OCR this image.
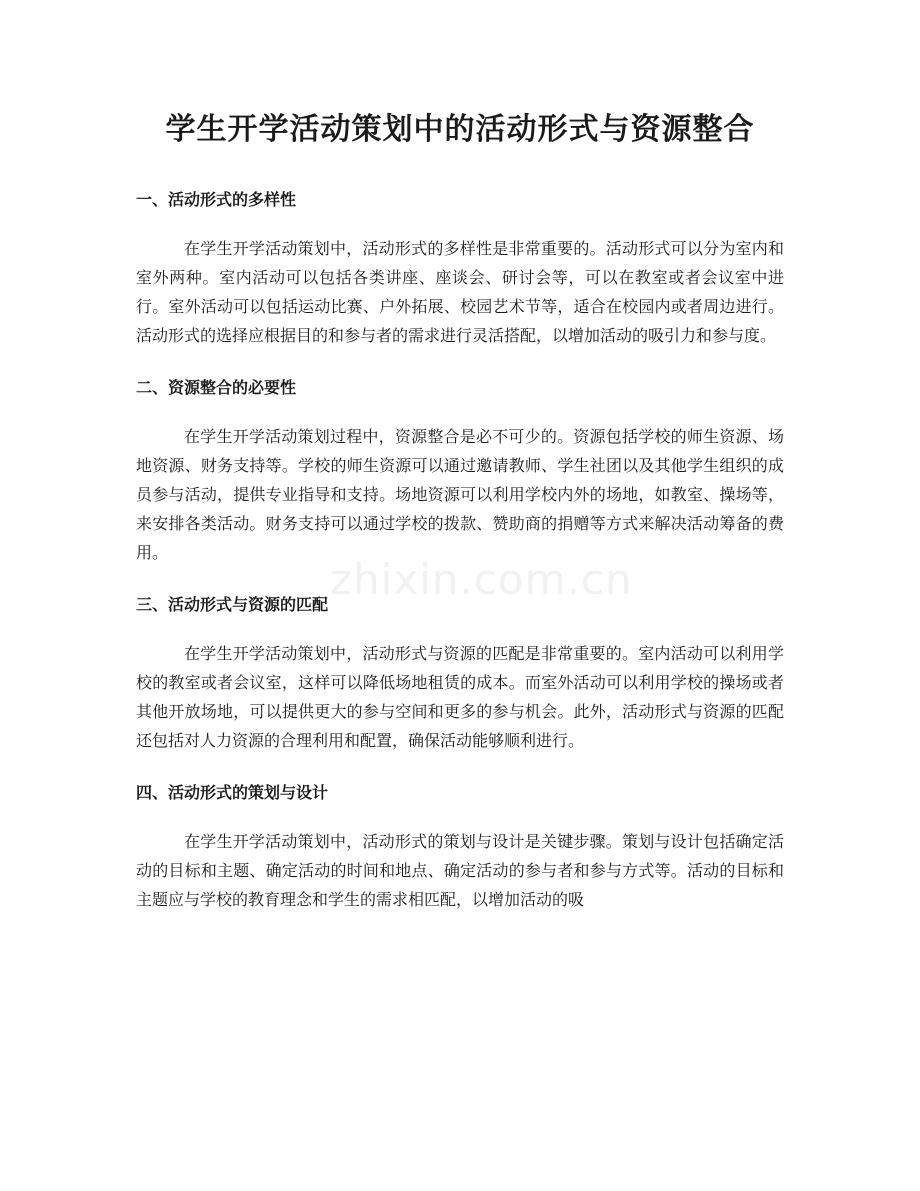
学生开学活动策划中的活动形式与资源整合
zhixin.com.cn
一、活动形式的多样性

在学生开学活动策划中，活动形式的多样性是非常重要的。活动形式可以分为室内和室外两种。室内活动可以包括各类讲座、座谈会、研讨会等，可以在教室或者会议室中进行。室外活动可以包括运动比赛、户外拓展、校园艺术节等，适合在校园内或者周边进行。活动形式的选择应根据目的和参与者的需求进行灵活搭配，以增加活动的吸引力和参与度。

二、资源整合的必要性

在学生开学活动策划过程中，资源整合是必不可少的。资源包括学校的师生资源、场地资源、财务支持等。学校的师生资源可以通过邀请教师、学生社团以及其他学生组织的成员参与活动，提供专业指导和支持。场地资源可以利用学校内外的场地，如教室、操场等，来安排各类活动。财务支持可以通过学校的拨款、赞助商的捐赠等方式来解决活动筹备的费用。

三、活动形式与资源的匹配

在学生开学活动策划中，活动形式与资源的匹配是非常重要的。室内活动可以利用学校的教室或者会议室，这样可以降低场地租赁的成本。而室外活动可以利用学校的操场或者其他开放场地，可以提供更大的参与空间和更多的参与机会。此外，活动形式与资源的匹配还包括对人力资源的合理利用和配置，确保活动能够顺利进行。

四、活动形式的策划与设计

在学生开学活动策划中，活动形式的策划与设计是关键步骤。策划与设计包括确定活动的目标和主题、确定活动的时间和地点、确定活动的参与者和参与方式等。活动的目标和主题应与学校的教育理念和学生的需求相匹配，以增加活动的吸
